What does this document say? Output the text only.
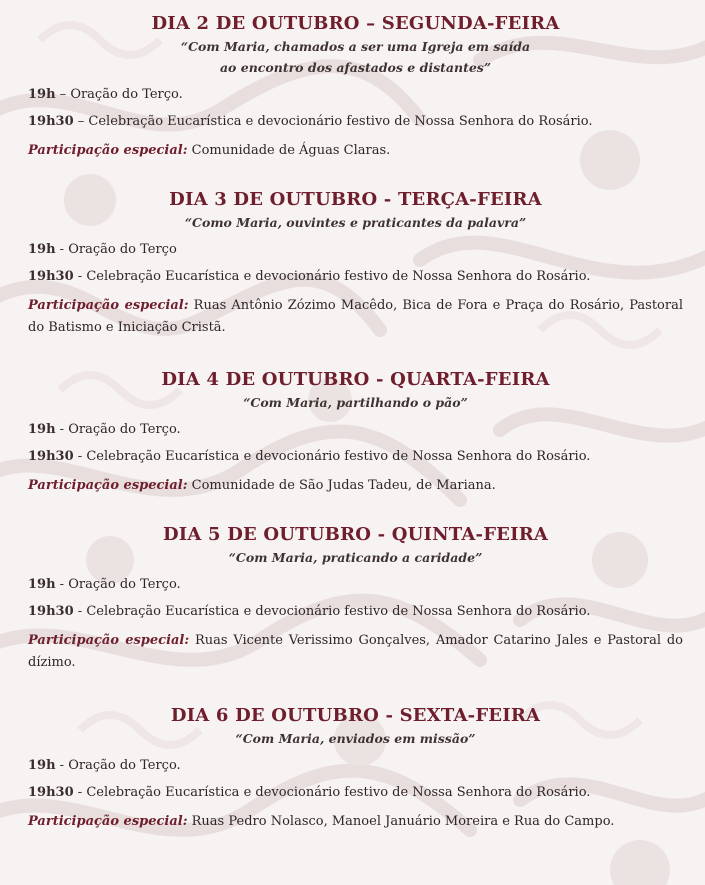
DIA 2 DE OUTUBRO – SEGUNDA-FEIRA

“Com Maria, chamados a ser uma Igreja em saída

ao encontro dos afastados e distantes”

19h – Oração do Terço.

19h30 – Celebração Eucarística e devocionário festivo de Nossa Senhora do Rosário.

Participação especial: Comunidade de Águas Claras.

DIA 3 DE OUTUBRO - TERÇA-FEIRA

“Como Maria, ouvintes e praticantes da palavra”

19h - Oração do Terço

19h30 - Celebração Eucarística e devocionário festivo de Nossa Senhora do Rosário.

Participação especial: Ruas Antônio Zózimo Macêdo, Bica de Fora e Praça do Rosário, Pastoral do Batismo e Iniciação Cristã.

DIA 4 DE OUTUBRO - QUARTA-FEIRA

“Com Maria, partilhando o pão”

19h - Oração do Terço.

19h30 - Celebração Eucarística e devocionário festivo de Nossa Senhora do Rosário.

Participação especial: Comunidade de São Judas Tadeu, de Mariana.

DIA 5 DE OUTUBRO - QUINTA-FEIRA

“Com Maria, praticando a caridade”

19h - Oração do Terço.

19h30 - Celebração Eucarística e devocionário festivo de Nossa Senhora do Rosário.

Participação especial: Ruas Vicente Verissimo Gonçalves, Amador Catarino Jales e Pastoral do dízimo.

DIA 6 DE OUTUBRO - SEXTA-FEIRA

“Com Maria, enviados em missão”

19h - Oração do Terço.

19h30 - Celebração Eucarística e devocionário festivo de Nossa Senhora do Rosário.

Participação especial: Ruas Pedro Nolasco, Manoel Januário Moreira e Rua do Campo.
